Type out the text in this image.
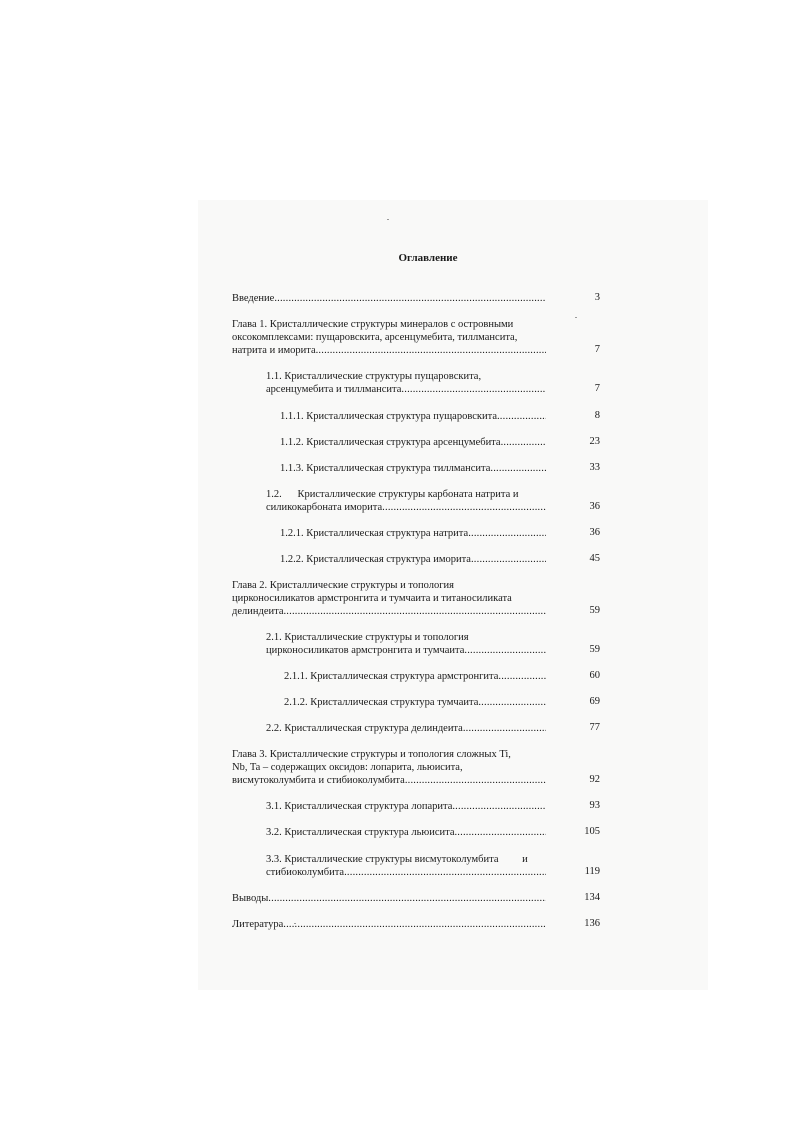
Оглавление
Введение .....	3
Глава 1. Кристаллические структуры минералов с островными
оксокомплексами: пущаровскита, арсенцумебита, тиллмансита,
натрита и иморита .....	7
1.1. Кристаллические структуры пущаровскита,
арсенцумебита и тиллмансита .....	7
1.1.1. Кристаллическая структура пущаровскита .....	8
1.1.2. Кристаллическая структура арсенцумебита .....	23
1.1.3. Кристаллическая структура тиллмансита .....	33
1.2.      Кристаллические структуры карбоната натрита и
силикокарбоната иморита .....	36
1.2.1. Кристаллическая структура натрита .....	36
1.2.2. Кристаллическая структура иморита .....	45
Глава 2. Кристаллические структуры и топология
цирконосиликатов армстронгита и тумчаита и титаносиликата
делиндеита .....	59
2.1. Кристаллические структуры и топология
цирконосиликатов армстронгита и тумчаита .....	59
2.1.1. Кристаллическая структура армстронгита .....	60
2.1.2. Кристаллическая структура тумчаита .....	69
2.2. Кристаллическая структура делиндеита .....	77
Глава 3. Кристаллические структуры и топология сложных Ti,
Nb, Ta – содержащих оксидов: лопарита, льюисита,
висмутоколумбита и стибиоколумбита .....	92
3.1. Кристаллическая структура лопарита .....	93
3.2. Кристаллическая структура льюисита .....	105
3.3. Кристаллические структуры висмутоколумбита         и
стибиоколумбита .....	119
Выводы .....	134
Литература .....	136
